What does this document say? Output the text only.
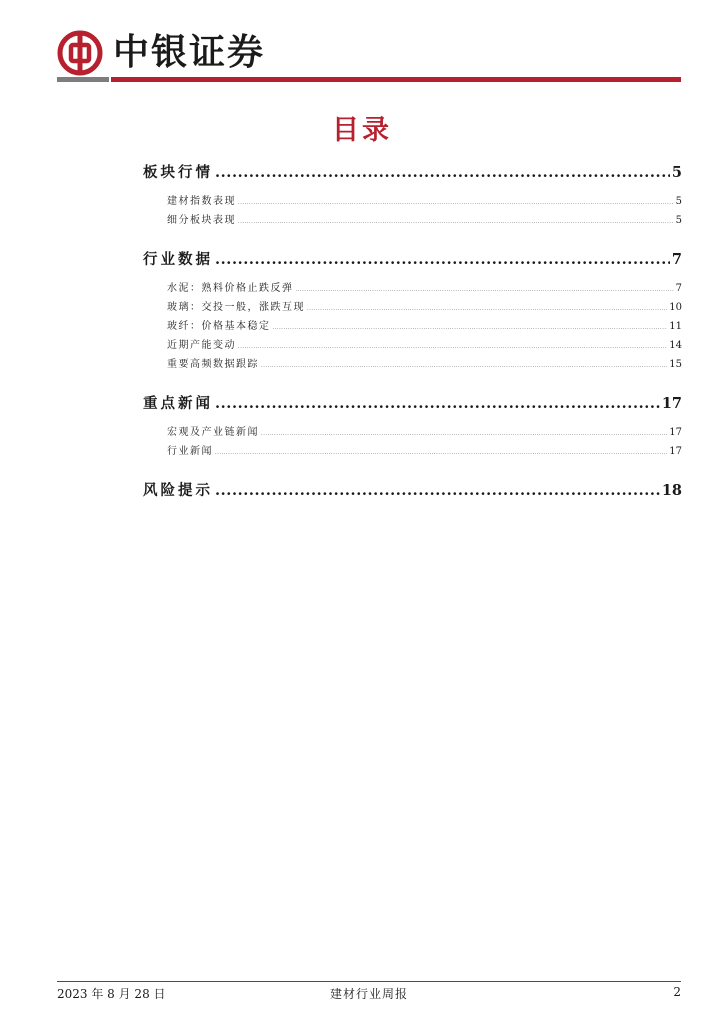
中银证券
目录
板块行情 .....	5
建材指数表现 .....	5
细分板块表现 .....	5
行业数据 .....	7
水泥：熟料价格止跌反弹 .....	7
玻璃：交投一般，涨跌互现 .....	10
玻纤：价格基本稳定 .....	11
近期产能变动 .....	14
重要高频数据跟踪 .....	15
重点新闻 .....	17
宏观及产业链新闻 .....	17
行业新闻 .....	17
风险提示 .....	18
2023 年 8 月 28 日	建材行业周报	2
